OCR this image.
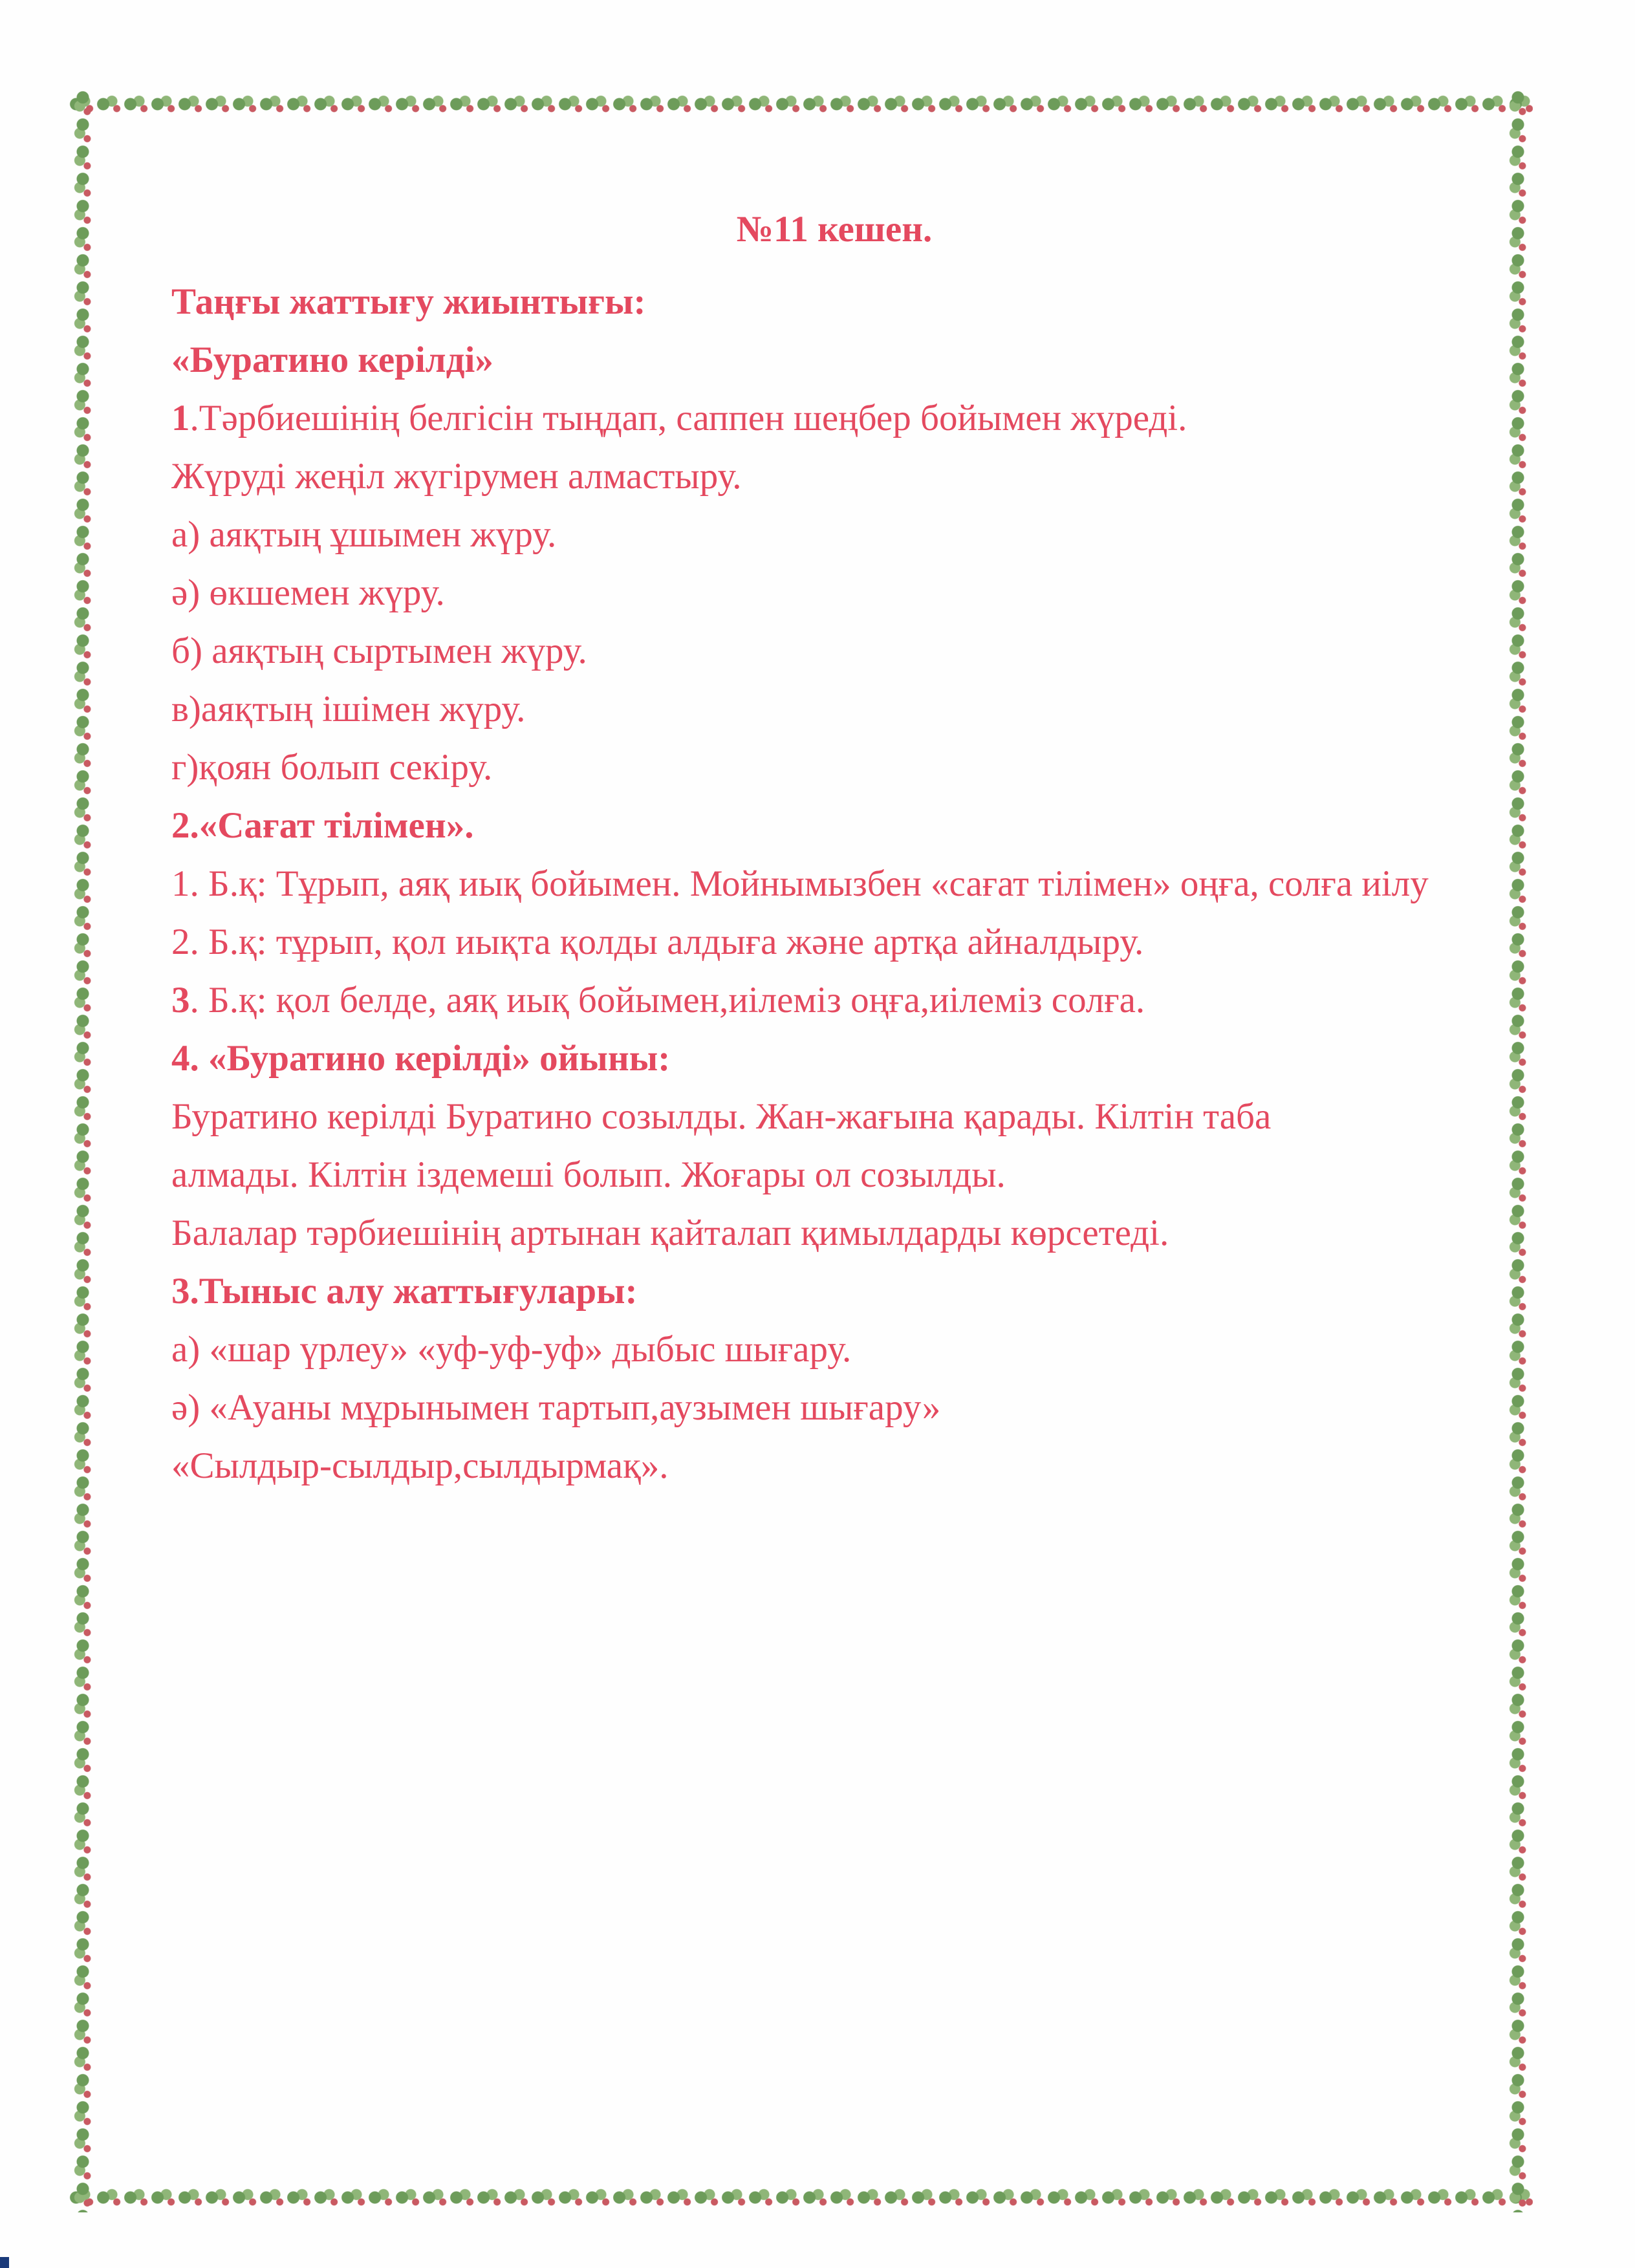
№11 кешен.
Таңғы жаттығу жиынтығы:
«Буратино керілді»
1.Тәрбиешінің белгісін тыңдап, саппен шеңбер бойымен жүреді.
Жүруді жеңіл жүгірумен алмастыру.
а) аяқтың ұшымен жүру.
ә) өкшемен жүру.
б) аяқтың сыртымен жүру.
в)аяқтың ішімен жүру.
г)қоян болып секіру.
2.«Сағат тілімен».
1. Б.қ: Тұрып, аяқ иық бойымен. Мойнымызбен «сағат тілімен» оңға, солға иілу
2. Б.қ: тұрып, қол иықта қолды алдыға және артқа айналдыру.
3. Б.қ: қол белде, аяқ иық бойымен,иілеміз оңға,иілеміз солға.
4. «Буратино керілді» ойыны:
Буратино керілді Буратино созылды. Жан-жағына қарады. Кілтін таба
алмады. Кілтін іздемеші болып. Жоғары ол созылды.
Балалар тәрбиешінің артынан қайталап қимылдарды көрсетеді.
3.Тыныс алу жаттығулары:
а) «шар үрлеу» «уф-уф-уф» дыбыс шығару.
ә) «Ауаны мұрынымен тартып,аузымен шығару»
«Сылдыр-сылдыр,сылдырмақ».
